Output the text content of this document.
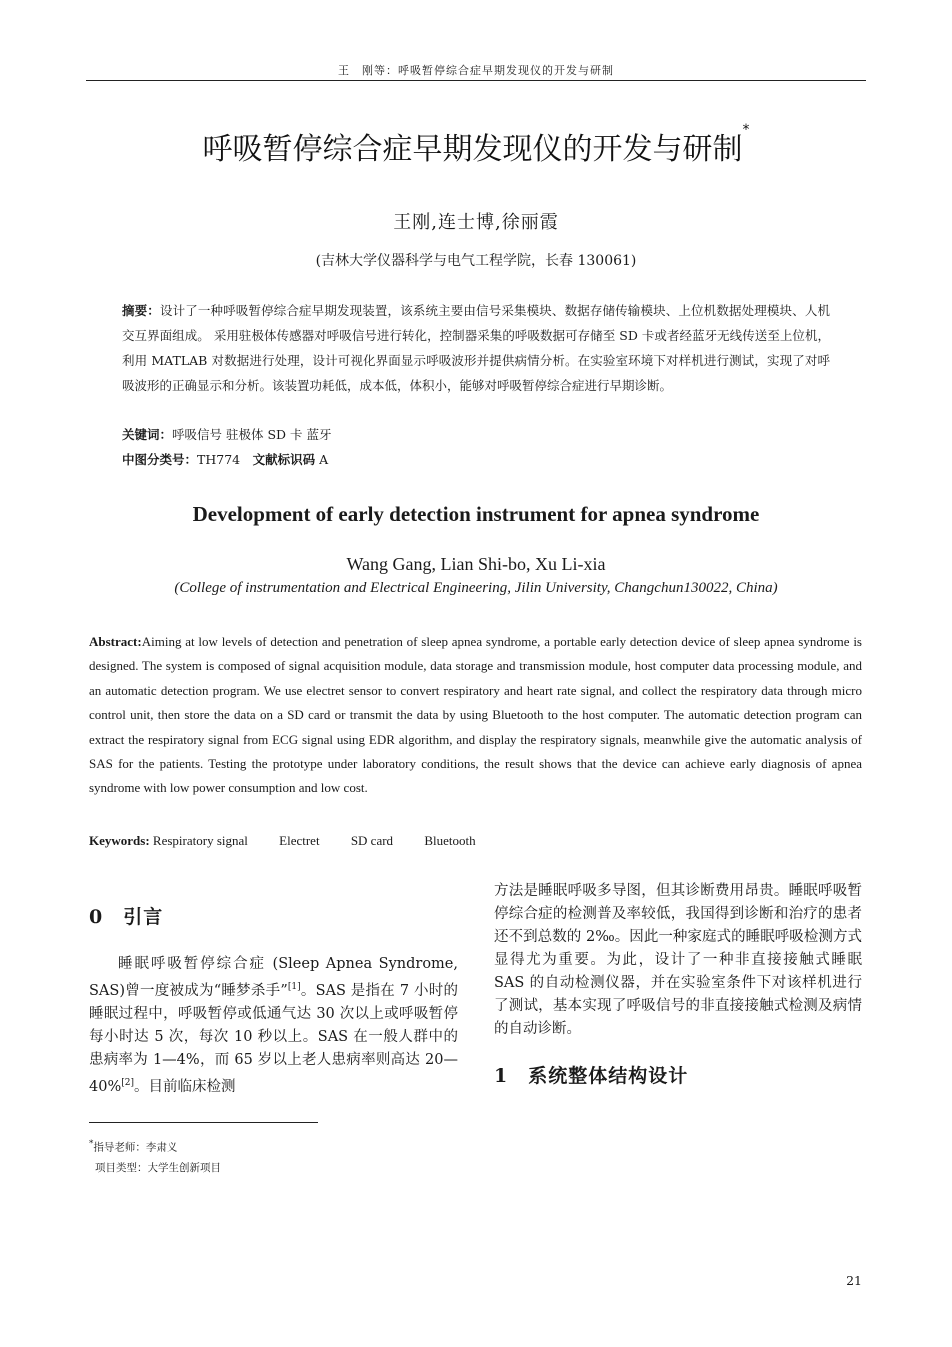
王　刚等：呼吸暂停综合症早期发现仪的开发与研制
呼吸暂停综合症早期发现仪的开发与研制*
王刚,连士博,徐丽霞
(吉林大学仪器科学与电气工程学院，长春 130061)
摘要：设计了一种呼吸暂停综合症早期发现装置，该系统主要由信号采集模块、数据存储传输模块、上位机数据处理模块、人机交互界面组成。 采用驻极体传感器对呼吸信号进行转化，控制器采集的呼吸数据可存储至 SD 卡或者经蓝牙无线传送至上位机，利用 MATLAB 对数据进行处理，设计可视化界面显示呼吸波形并提供病情分析。在实验室环境下对样机进行测试，实现了对呼吸波形的正确显示和分析。该装置功耗低，成本低，体积小，能够对呼吸暂停综合症进行早期诊断。
关键词：呼吸信号 驻极体 SD 卡 蓝牙
中图分类号：TH774　 文献标识码 A
Development of early detection instrument for apnea syndrome
Wang Gang, Lian Shi-bo, Xu Li-xia
(College of instrumentation and Electrical Engineering, Jilin University, Changchun130022, China)
Abstract:Aiming at low levels of detection and penetration of sleep apnea syndrome, a portable early detection device of sleep apnea syndrome is designed. The system is composed of signal acquisition module, data storage and transmission module, host computer data processing module, and an automatic detection program. We use electret sensor to convert respiratory and heart rate signal, and collect the respiratory data through micro control unit, then store the data on a SD card or transmit the data by using Bluetooth to the host computer. The automatic detection program can extract the respiratory signal from ECG signal using EDR algorithm, and display the respiratory signals, meanwhile give the automatic analysis of SAS for the patients. Testing the prototype under laboratory conditions, the result shows that the device can achieve early diagnosis of apnea syndrome with low power consumption and low cost.
Keywords: Respiratory signal Electret SD card Bluetooth
0　引言

睡眠呼吸暂停综合症 (Sleep Apnea Syndrome, SAS)曾一度被成为“睡梦杀手”[1]。SAS 是指在 7 小时的睡眠过程中，呼吸暂停或低通气达 30 次以上或呼吸暂停每小时达 5 次，每次 10 秒以上。SAS 在一般人群中的患病率为 1—4%，而 65 岁以上老人患病率则高达 20—40%[2]。目前临床检测

方法是睡眠呼吸多导图，但其诊断费用昂贵。睡眠呼吸暂停综合症的检测普及率较低，我国得到诊断和治疗的患者还不到总数的 2‰。因此一种家庭式的睡眠呼吸检测方式显得尤为重要。为此，设计了一种非直接接触式睡眠 SAS 的自动检测仪器，并在实验室条件下对该样机进行了测试，基本实现了呼吸信号的非直接接触式检测及病情的自动诊断。

1　系统整体结构设计
*指导老师：李肃义
项目类型：大学生创新项目
21
